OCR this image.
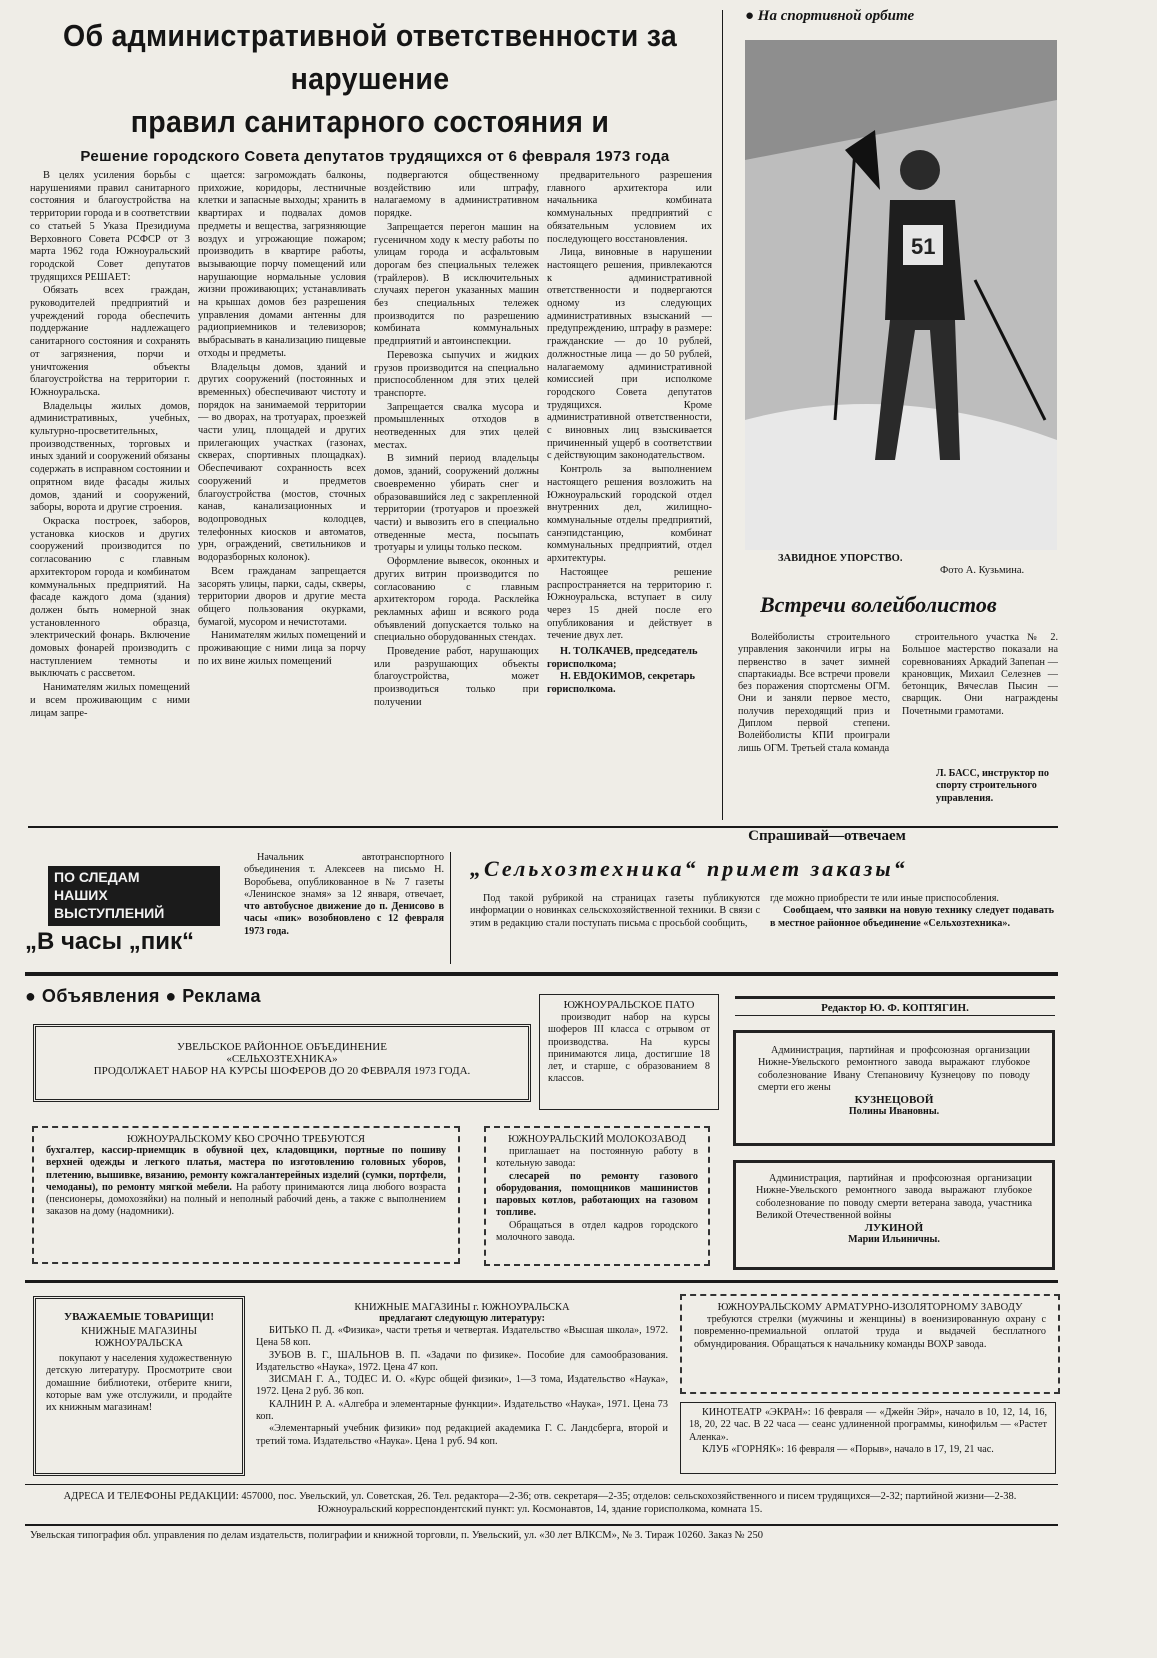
Об административной ответственности за нарушение
правил санитарного состояния и
Решение городского Совета депутатов трудящихся от 6 февраля 1973 года

В целях усиления борьбы с нарушениями правил санитарного состояния и благоустройства на территории города и в соответствии со статьей 5 Указа Президиума Верховного Совета РСФСР от 3 марта 1962 года Южноуральский городской Совет депутатов трудящихся РЕШАЕТ:

Обязать всех граждан, руководителей предприятий и учреждений города обеспечить поддержание надлежащего санитарного состояния и сохранять от загрязнения, порчи и уничтожения объекты благоустройства на территории г. Южноуральска.

Владельцы жилых домов, административных, учебных, культурно-просветительных, производственных, торговых и иных зданий и сооружений обязаны содержать в исправном состоянии и опрятном виде фасады жилых домов, зданий и сооружений, заборы, ворота и другие строения.

Окраска построек, заборов, установка киосков и других сооружений производится по согласованию с главным архитектором города и комбинатом коммунальных предприятий. На фасаде каждого дома (здания) должен быть номерной знак установленного образца, электрический фонарь. Включение домовых фонарей производить с наступлением темноты и выключать с рассветом.

Нанимателям жилых помещений и всем проживающим с ними лицам запре-

щается: загромождать балконы, прихожие, коридоры, лестничные клетки и запасные выходы; хранить в квартирах и подвалах домов предметы и вещества, загрязняющие воздух и угрожающие пожаром; производить в квартире работы, вызывающие порчу помещений или нарушающие нормальные условия жизни проживающих; устанавливать на крышах домов без разрешения управления домами антенны для радиоприемников и телевизоров; выбрасывать в канализацию пищевые отходы и предметы.

Владельцы домов, зданий и других сооружений (постоянных и временных) обеспечивают чистоту и порядок на занимаемой территории — во дворах, на тротуарах, проезжей части улиц, площадей и других прилегающих участках (газонах, скверах, спортивных площадках). Обеспечивают сохранность всех сооружений и предметов благоустройства (мостов, сточных канав, канализационных и водопроводных колодцев, телефонных киосков и автоматов, урн, ограждений, светильников и водоразборных колонок).

Всем гражданам запрещается засорять улицы, парки, сады, скверы, территории дворов и другие места общего пользования окурками, бумагой, мусором и нечистотами.

Нанимателям жилых помещений и проживающие с ними лица за порчу по их вине жилых помещений

подвергаются общественному воздействию или штрафу, налагаемому в административном порядке.

Запрещается перегон машин на гусеничном ходу к месту работы по улицам города и асфальтовым дорогам без специальных тележек (трайлеров). В исключительных случаях перегон указанных машин без специальных тележек производится по разрешению комбината коммунальных предприятий и автоинспекции.

Перевозка сыпучих и жидких грузов производится на специально приспособленном для этих целей транспорте.

Запрещается свалка мусора и промышленных отходов в неотведенных для этих целей местах.

В зимний период владельцы домов, зданий, сооружений должны своевременно убирать снег и образовавшийся лед с закрепленной территории (тротуаров и проезжей части) и вывозить его в специально отведенные места, посыпать тротуары и улицы только песком.

Оформление вывесок, оконных и других витрин производится по согласованию с главным архитектором города. Расклейка рекламных афиш и всякого рода объявлений допускается только на специально оборудованных стендах.

Проведение работ, нарушающих или разрушающих объекты благоустройства, может производиться только при получении

предварительного разрешения главного архитектора или начальника комбината коммунальных предприятий с обязательным условием их последующего восстановления.

Лица, виновные в нарушении настоящего решения, привлекаются к административной ответственности и подвергаются одному из следующих административных взысканий — предупреждению, штрафу в размере: гражданские — до 10 рублей, должностные лица — до 50 рублей, налагаемому административной комиссией при исполкоме городского Совета депутатов трудящихся. Кроме административной ответственности, с виновных лиц взыскивается причиненный ущерб в соответствии с действующим законодательством.

Контроль за выполнением настоящего решения возложить на Южноуральский городской отдел внутренних дел, жилищно-коммунальные отделы предприятий, санэпидстанцию, комбинат коммунальных предприятий, отдел архитектуры.

Настоящее решение распространяется на территорию г. Южноуральска, вступает в силу через 15 дней после его опубликования и действует в течение двух лет.

Н. ТОЛКАЧЕВ, председатель горисполкома;
Н. ЕВДОКИМОВ, секретарь горисполкома.
● На спортивной орбите
51
ЗАВИДНОЕ УПОРСТВО.
Фото А. Кузьмина.
Встречи волейболистов
Волейболисты строительного управления закончили игры на первенство в зачет зимней спартакиады. Все встречи провели без поражения спортсмены ОГМ. Они и заняли первое место, получив переходящий приз и Диплом первой степени. Волейболисты КПИ проиграли лишь ОГМ. Третьей стала команда
строительного участка № 2. Большое мастерство показали на соревнованиях Аркадий Запепан — крановщик, Михаил Селезнев — бетонщик, Вячеслав Пысин — сварщик. Они награждены Почетными грамотами.
Л. БАСС, инструктор по спорту строительного управления.
Спрашивай—отвечаем
ПО СЛЕДАМ
НАШИХ
ВЫСТУПЛЕНИЙ
„В часы „пик“
Начальник автотранспортного объединения т. Алексеев на письмо Н. Воробьева, опубликованное в № 7 газеты «Ленинское знамя» за 12 января, отвечает, что автобусное движение до п. Денисово в часы «пик» возобновлено с 12 февраля 1973 года.
„Сельхозтехника“ примет заказы“
Под такой рубрикой на страницах газеты публикуются информации о новинках сельскохозяйственной техники. В связи с этим в редакцию стали поступать письма с просьбой сообщить,
где можно приобрести те или иные приспособления.
Сообщаем, что заявки на новую технику следует подавать в местное районное объединение «Сельхозтехника».
● Объявления ● Реклама
УВЕЛЬСКОЕ РАЙОННОЕ ОБЪЕДИНЕНИЕ
«СЕЛЬХОЗТЕХНИКА»
ПРОДОЛЖАЕТ НАБОР НА КУРСЫ ШОФЕРОВ ДО 20 ФЕВРАЛЯ 1973 ГОДА.
ЮЖНОУРАЛЬСКОЕ ПАТО
производит набор на курсы шоферов III класса с отрывом от производства. На курсы принимаются лица, достигшие 18 лет, и старше, с образованием 8 классов.
Редактор Ю. Ф. КОПТЯГИН.
Администрация, партийная и профсоюзная организации Нижне-Увельского ремонтного завода выражают глубокое соболезнование Ивану Степановичу Кузнецову по поводу смерти его жены
КУЗНЕЦОВОЙ
Полины Ивановны.
Администрация, партийная и профсоюзная организации Нижне-Увельского ремонтного завода выражают глубокое соболезнование по поводу смерти ветерана завода, участника Великой Отечественной войны
ЛУКИНОЙ
Марии Ильиничны.
ЮЖНОУРАЛЬСКОМУ КБО СРОЧНО ТРЕБУЮТСЯ
бухгалтер, кассир-приемщик в обувной цех, кладовщики, портные по пошиву верхней одежды и легкого платья, мастера по изготовлению головных уборов, плетению, вышивке, вязанию, ремонту кожгалантерейных изделий (сумки, портфели, чемоданы), по ремонту мягкой мебели. На работу принимаются лица любого возраста (пенсионеры, домохозяйки) на полный и неполный рабочий день, а также с выполнением заказов на дому (надомники).
ЮЖНОУРАЛЬСКИЙ МОЛОКОЗАВОД
приглашает на постоянную работу в котельную завода:
слесарей по ремонту газового оборудования, помощников машинистов паровых котлов, работающих на газовом топливе.
Обращаться в отдел кадров городского молочного завода.
УВАЖАЕМЫЕ ТОВАРИЩИ!
КНИЖНЫЕ МАГАЗИНЫ ЮЖНОУРАЛЬСКА
покупают у населения художественную детскую литературу. Просмотрите свои домашние библиотеки, отберите книги, которые вам уже отслужили, и продайте их книжным магазинам!
КНИЖНЫЕ МАГАЗИНЫ г. ЮЖНОУРАЛЬСКА
предлагают следующую литературу:
БИТЬКО П. Д. «Физика», части третья и четвертая. Издательство «Высшая школа», 1972. Цена 58 коп.
ЗУБОВ В. Г., ШАЛЬНОВ В. П. «Задачи по физике». Пособие для самообразования. Издательство «Наука», 1972. Цена 47 коп.
ЗИСМАН Г. А., ТОДЕС И. О. «Курс общей физики», 1—3 тома, Издательство «Наука», 1972. Цена 2 руб. 36 коп.
КАЛНИН Р. А. «Алгебра и элементарные функции». Издательство «Наука», 1971. Цена 73 коп.
«Элементарный учебник физики» под редакцией академика Г. С. Ландсберга, второй и третий тома. Издательство «Наука». Цена 1 руб. 94 коп.
ЮЖНОУРАЛЬСКОМУ АРМАТУРНО-ИЗОЛЯТОРНОМУ ЗАВОДУ
требуются стрелки (мужчины и женщины) в военизированную охрану с повременно-премиальной оплатой труда и выдачей бесплатного обмундирования. Обращаться к начальнику команды ВОХР завода.
КИНОТЕАТР «ЭКРАН»: 16 февраля — «Джейн Эйр», начало в 10, 12, 14, 16, 18, 20, 22 час. В 22 часа — сеанс удлиненной программы, кинофильм — «Растет Аленка».
КЛУБ «ГОРНЯК»: 16 февраля — «Порыв», начало в 17, 19, 21 час.
АДРЕСА И ТЕЛЕФОНЫ РЕДАКЦИИ: 457000, пос. Увельский, ул. Советская, 26. Тел. редактора—2-36; отв. секретаря—2-35; отделов: сельскохозяйственного и писем трудящихся—2-32; партийной жизни—2-38. Южноуральский корреспондентский пункт: ул. Космонавтов, 14, здание горисполкома, комната 15.
Увельская типография обл. управления по делам издательств, полиграфии и книжной торговли, п. Увельский, ул. «30 лет ВЛКСМ», № 3. Тираж 10260. Заказ № 250
